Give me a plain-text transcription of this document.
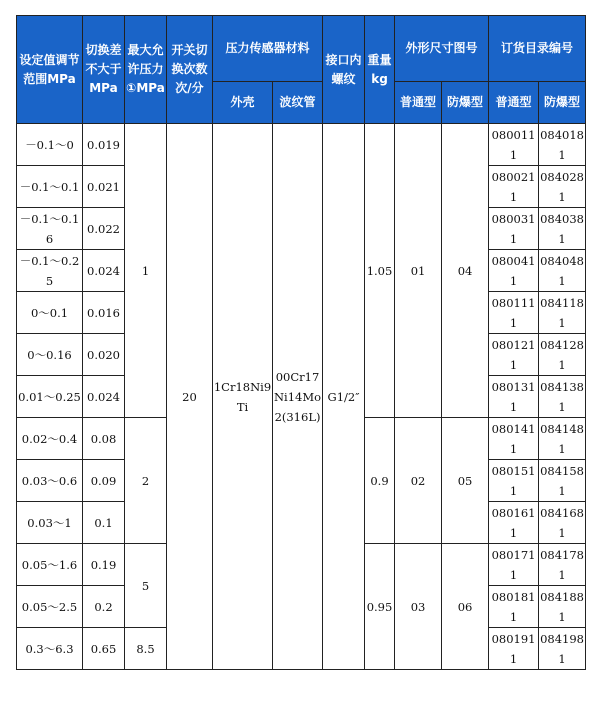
设定值调节范围MPa	切换差不大于MPa	最大允许压力①MPa	开关切换次数次/分	压力传感器材料		接口内螺纹	重量kg	外形尺寸图号		订货目录编号	
				外壳	波纹管			普通型	防爆型	普通型	防爆型
－0.1～0	0.019	1	20	1Cr18Ni9Ti	00Cr17Ni14Mo2(316L)	G1/2″	1.05	01	04	0800111	0840181
－0.1～0.1	0.021									0800211	0840281
－0.1～0.16	0.022									0800311	0840381
－0.1～0.25	0.024									0800411	0840481
0～0.1	0.016									0801111	0841181
0～0.16	0.020									0801211	0841281
0.01～0.25	0.024									0801311	0841381
0.02～0.4	0.08	2					0.9	02	05	0801411	0841481
0.03～0.6	0.09									0801511	0841581
0.03～1	0.1									0801611	0841681
0.05～1.6	0.19	5					0.95	03	06	0801711	0841781
0.05～2.5	0.2									0801811	0841881
0.3～6.3	0.65	8.5								0801911	0841981
